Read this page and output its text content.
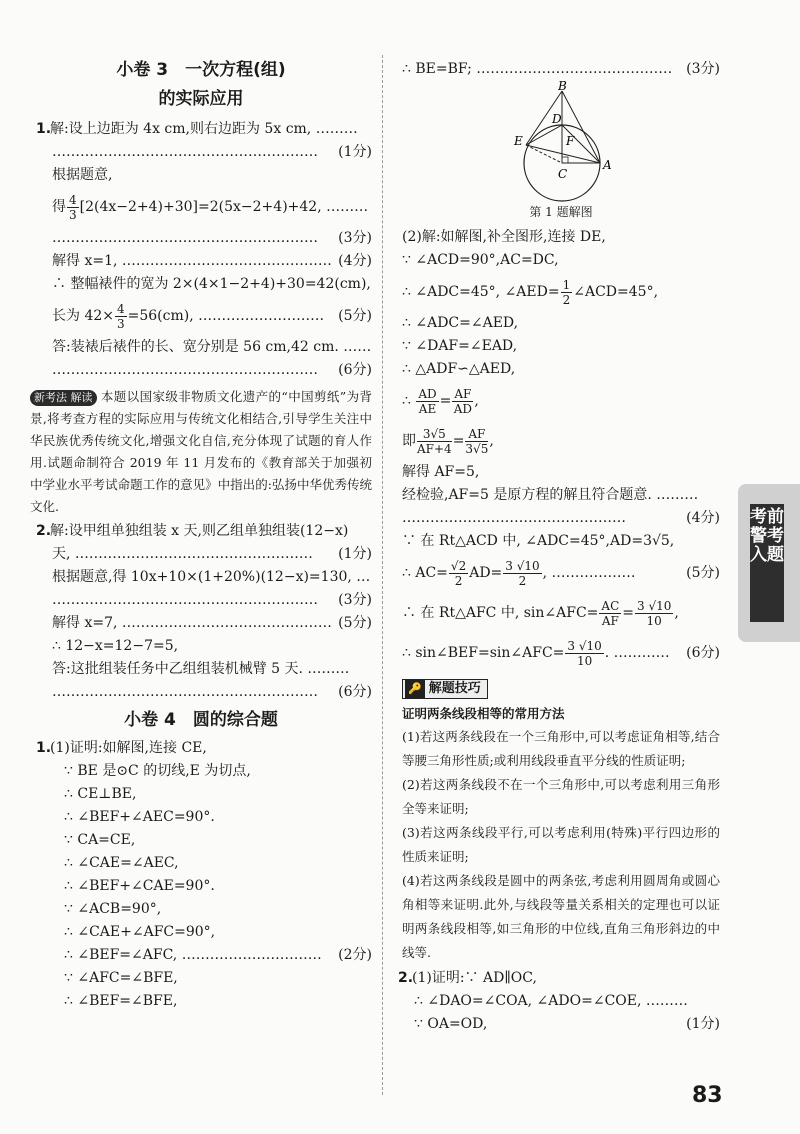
小卷 3　一次方程(组)
的实际应用
1.解:设上边距为 4x cm,则右边距为 5x cm, ………
………………………………………………… (1分)
根据题意,
得 $\frac{4}{3} [2(4x-2+4)+30]=2(5x-2+4)+42$, ………
………………………………………………… (3分)
解得 x=1, ……………………………………… (4分)
∴ 整幅裱件的宽为 2×(4×1−2+4)+30=42(cm),
长为 $42\times \frac{4}{3} =56(cm)$, ……………………… (5分)
答:装裱后裱件的长、宽分别是 56 cm,42 cm. ……
………………………………………………… (6分)
新考法 解读 本题以国家级非物质文化遗产的“中国剪纸”为背景,将考查方程的实际应用与传统文化相结合,引导学生关注中华民族优秀传统文化,增强文化自信,充分体现了试题的育人作用.试题命制符合 2019 年 11 月发布的《教育部关于加强初中学业水平考试命题工作的意见》中指出的:弘扬中华优秀传统文化.
2.解:设甲组单独组装 x 天,则乙组单独组装(12−x)
天, …………………………………………… (1分)
根据题意,得 10x+10×(1+20%)(12−x)=130, …
………………………………………………… (3分)
解得 x=7, ……………………………………… (5分)
∴ 12−x=12−7=5,
答:这批组装任务中乙组组装机械臂 5 天. ………
………………………………………………… (6分)
小卷 4　圆的综合题
1.(1)证明:如解图,连接 CE,
∵ BE 是⊙C 的切线,E 为切点,
∴ CE⊥BE,
∴ ∠BEF+∠AEC=90°.
∵ CA=CE,
∴ ∠CAE=∠AEC,
∴ ∠BEF+∠CAE=90°.
∵ ∠ACB=90°,
∴ ∠CAE+∠AFC=90°,
∴ ∠BEF=∠AFC, ………………………… (2分)
∵ ∠AFC=∠BFE,
∴ ∠BEF=∠BFE,
∴ BE=BF; …………………………………… (3分)
B
D
E	F
C
A
第 1 题解图
(2)解:如解图,补全图形,连接 DE,
∵ ∠ACD=90°,AC=DC,
∴ ∠ADC=45°, ∠AED= $\frac{1}{2}$ ∠ACD=45°,
∴ ∠ADC=∠AED,
∵ ∠DAF=∠EAD,
∴ △ADF∽△AED,
∴ $\frac{AD}{AE} = \frac{AF}{AD}$ ,
即 $\frac{3√5}{AF+4} = \frac{AF}{3√5}$ ,
解得 AF=5,
经检验,AF=5 是原方程的解且符合题意. ………
…………………………………………	(4分)
∵ 在 Rt△ACD 中, ∠ADC=45°,AD=3√5,
∴ $AC= \frac{√2}{2} AD= \frac{3 √10}{2}$ , ………………	(5分)
∴ 在 Rt△AFC 中, sin∠AFC= $\frac{AC}{AF} = \frac{3 √10}{10}$ ,
∴ sin∠BEF=sin∠AFC= $\frac{3 √10}{10}$ . ………… (6分)
🔑 解题技巧
证明两条线段相等的常用方法
(1)若这两条线段在一个三角形中,可以考虑证角相等,结合等腰三角形性质;或利用线段垂直平分线的性质证明;
(2)若这两条线段不在一个三角形中,可以考虑利用三角形全等来证明;
(3)若这两条线段平行,可以考虑利用(特殊)平行四边形的性质来证明;
(4)若这两条线段是圆中的两条弦,考虑利用圆周角或圆心角相等来证明.此外,与线段等量关系相关的定理也可以证明两条线段相等,如三角形的中位线,直角三角形斜边的中线等.
2.(1)证明:∵ AD∥OC,
∴ ∠DAO=∠COA, ∠ADO=∠COE, ………
(1分)
∵ OA=OD,
考前警考入题
83
